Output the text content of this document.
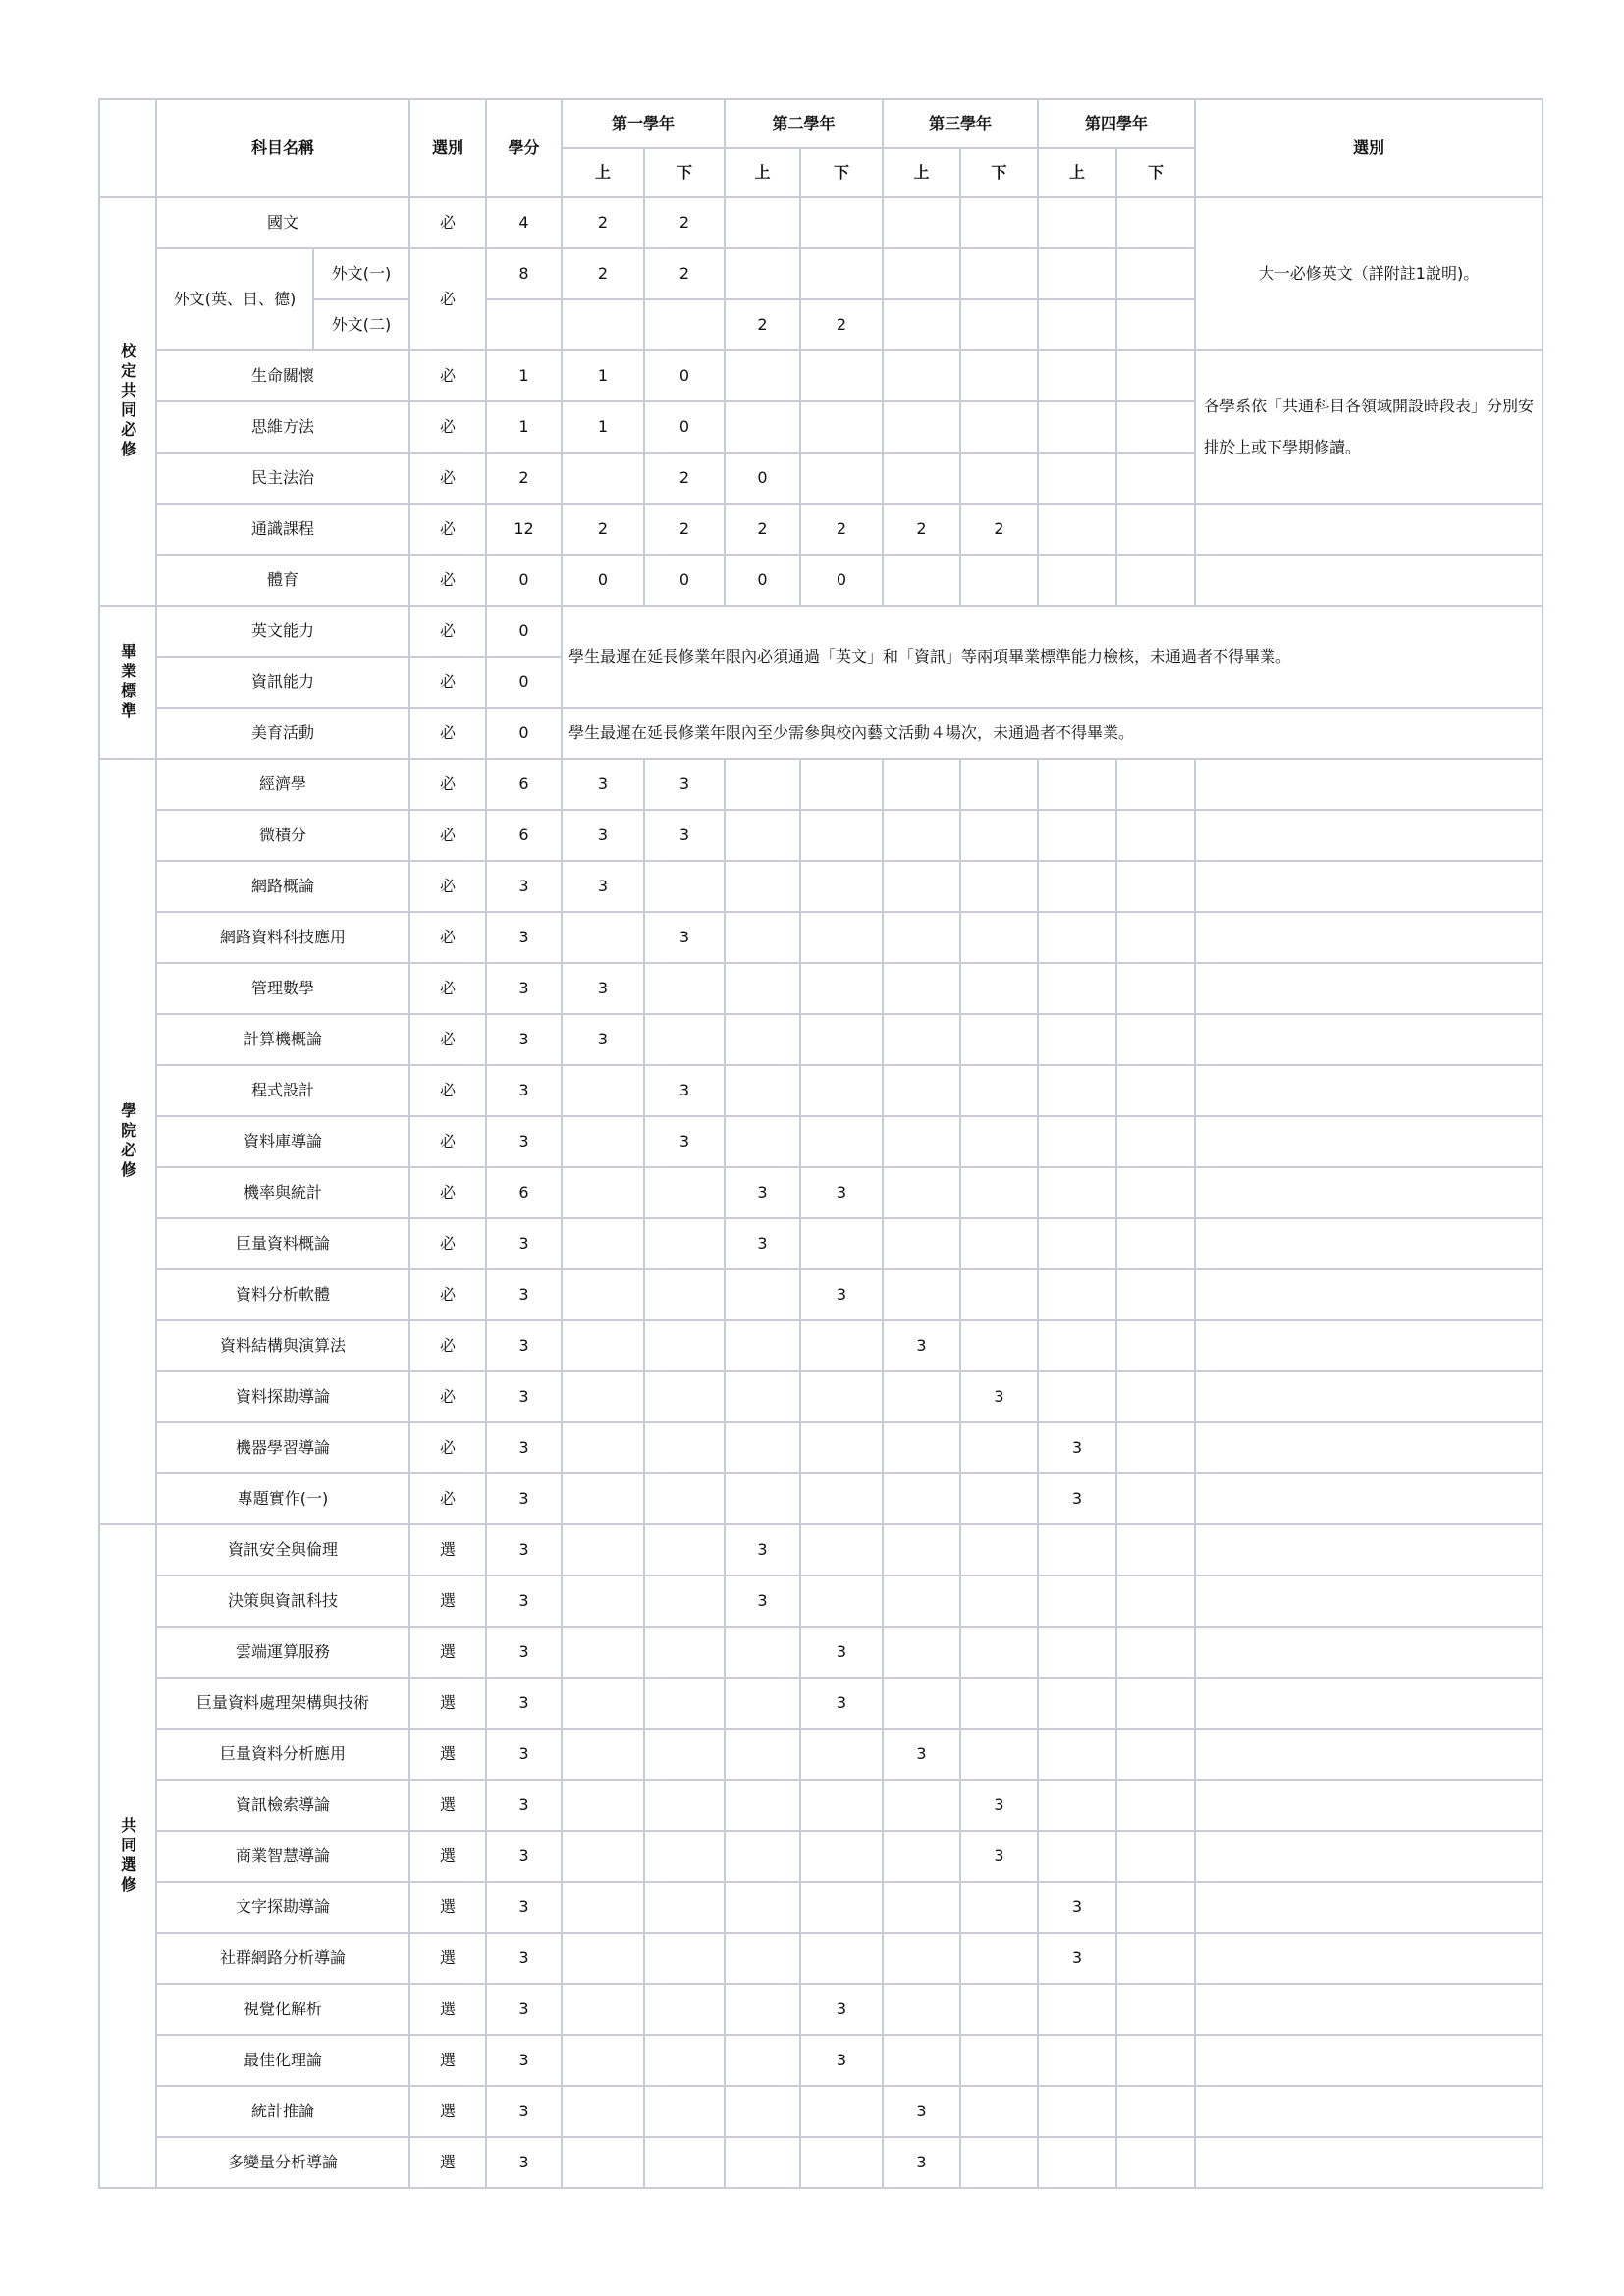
	科目名稱		選別	學分	第一學年		第二學年		第三學年		第四學年		選別
					上	下	上	下	上	下	上	下	
校定共同必修	國文		必	4	2	2							大一必修英文（詳附註1說明)。
	外文(英、日、德)	外文(一)	必	8	2	2							
		外文(二)					2	2					
	生命關懷		必	1	1	0							各學系依「共通科目各領域開設時段表」分別安排於上或下學期修讀。
	思維方法		必	1	1	0							
	民主法治		必	2		2	0						
	通識課程		必	12	2	2	2	2	2	2			
	體育		必	0	0	0	0	0					
畢業標準	英文能力		必	0	學生最遲在延長修業年限內必須通過「英文」和「資訊」等兩項畢業標準能力檢核，未通過者不得畢業。								
	資訊能力		必	0									
	美育活動		必	0	學生最遲在延長修業年限內至少需參與校內藝文活動４場次，未通過者不得畢業。								
學院必修	經濟學		必	6	3	3							
	微積分		必	6	3	3							
	網路概論		必	3	3								
	網路資料科技應用		必	3		3							
	管理數學		必	3	3								
	計算機概論		必	3	3								
	程式設計		必	3		3							
	資料庫導論		必	3		3							
	機率與統計		必	6			3	3					
	巨量資料概論		必	3			3						
	資料分析軟體		必	3				3					
	資料結構與演算法		必	3					3				
	資料探勘導論		必	3						3			
	機器學習導論		必	3							3		
	專題實作(一)		必	3							3		
共同選修	資訊安全與倫理		選	3			3						
	決策與資訊科技		選	3			3						
	雲端運算服務		選	3				3					
	巨量資料處理架構與技術		選	3				3					
	巨量資料分析應用		選	3					3				
	資訊檢索導論		選	3						3			
	商業智慧導論		選	3						3			
	文字探勘導論		選	3							3		
	社群網路分析導論		選	3							3		
	視覺化解析		選	3				3					
	最佳化理論		選	3				3					
	統計推論		選	3					3				
	多變量分析導論		選	3					3				
